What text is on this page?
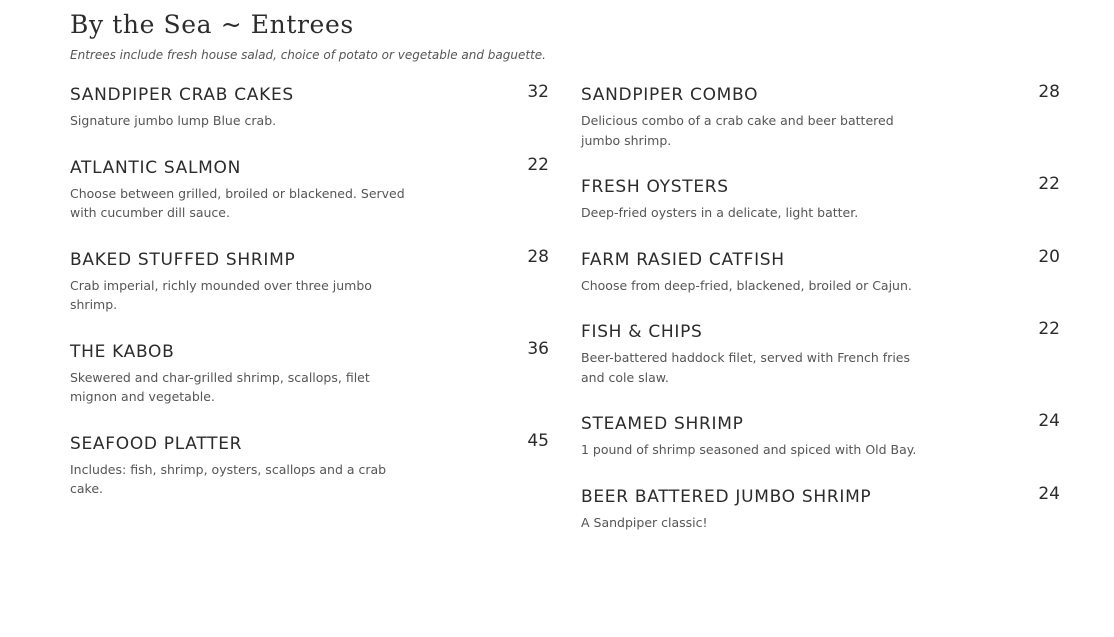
By the Sea ~ Entrees

Entrees include fresh house salad, choice of potato or vegetable and baguette.

SANDPIPER CRAB CAKES

Signature jumbo lump Blue crab.

32

ATLANTIC SALMON

Choose between grilled, broiled or blackened. Served with cucumber dill sauce.

22

BAKED STUFFED SHRIMP

Crab imperial, richly mounded over three jumbo shrimp.

28

THE KABOB

Skewered and char-grilled shrimp, scallops, filet mignon and vegetable.

36

SEAFOOD PLATTER

Includes: fish, shrimp, oysters, scallops and a crab cake.

45

SANDPIPER COMBO

Delicious combo of a crab cake and beer battered jumbo shrimp.

28

FRESH OYSTERS

Deep-fried oysters in a delicate, light batter.

22

FARM RASIED CATFISH

Choose from deep-fried, blackened, broiled or Cajun.

20

FISH & CHIPS

Beer-battered haddock filet, served with French fries and cole slaw.

22

STEAMED SHRIMP

1 pound of shrimp seasoned and spiced with Old Bay.

24

BEER BATTERED JUMBO SHRIMP

A Sandpiper classic!

24
